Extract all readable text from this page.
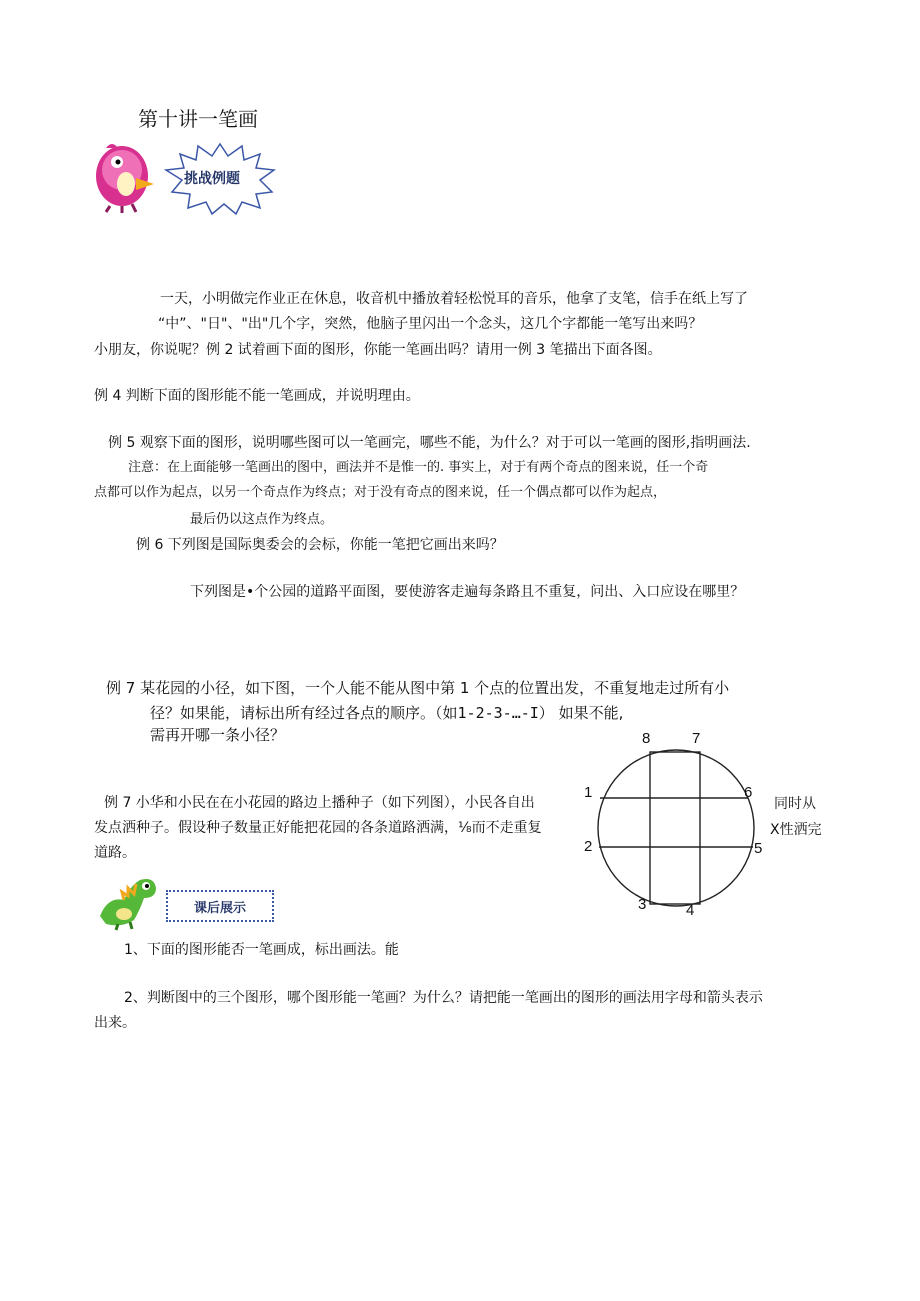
第十讲一笔画
挑战例题
一天，小明做完作业正在休息，收音机中播放着轻松悦耳的音乐，他拿了支笔，信手在纸上写了
“中”、"日"、"出"几个字，突然，他脑子里闪出一个念头，这几个字都能一笔写出来吗？
小朋友，你说呢？例 2 试着画下面的图形，你能一笔画出吗？请用一例 3 笔描出下面各图。
例 4 判断下面的图形能不能一笔画成，并说明理由。
例 5 观察下面的图形，说明哪些图可以一笔画完，哪些不能，为什么？对于可以一笔画的图形,指明画法.
注意：在上面能够一笔画出的图中，画法并不是惟一的. 事实上，对于有两个奇点的图来说，任一个奇
点都可以作为起点，以另一个奇点作为终点；对于没有奇点的图来说，任一个偶点都可以作为起点，
最后仍以这点作为终点。
例 6 下列图是国际奥委会的会标，你能一笔把它画出来吗？
下列图是•个公园的道路平面图，要使游客走遍每条路且不重复，问出、入口应设在哪里？
例 7 某花园的小径，如下图，一个人能不能从图中第 1 个点的位置出发，不重复地走过所有小
径？如果能，请标出所有经过各点的顺序。（如1-2-3-…-I） 如果不能,
需再开哪一条小径？
例 7 小华和小民在在小花园的路边上播种子（如下列图），小民各自出
发点洒种子。假设种子数量正好能把花园的各条道路洒满，⅛而不走重复
道路。
同时从
X性洒完
8	7
1	6
2	5
3	4
课后展示
1、下面的图形能否一笔画成，标出画法。能
2、判断图中的三个图形，哪个图形能一笔画？为什么？请把能一笔画出的图形的画法用字母和箭头表示
出来。
